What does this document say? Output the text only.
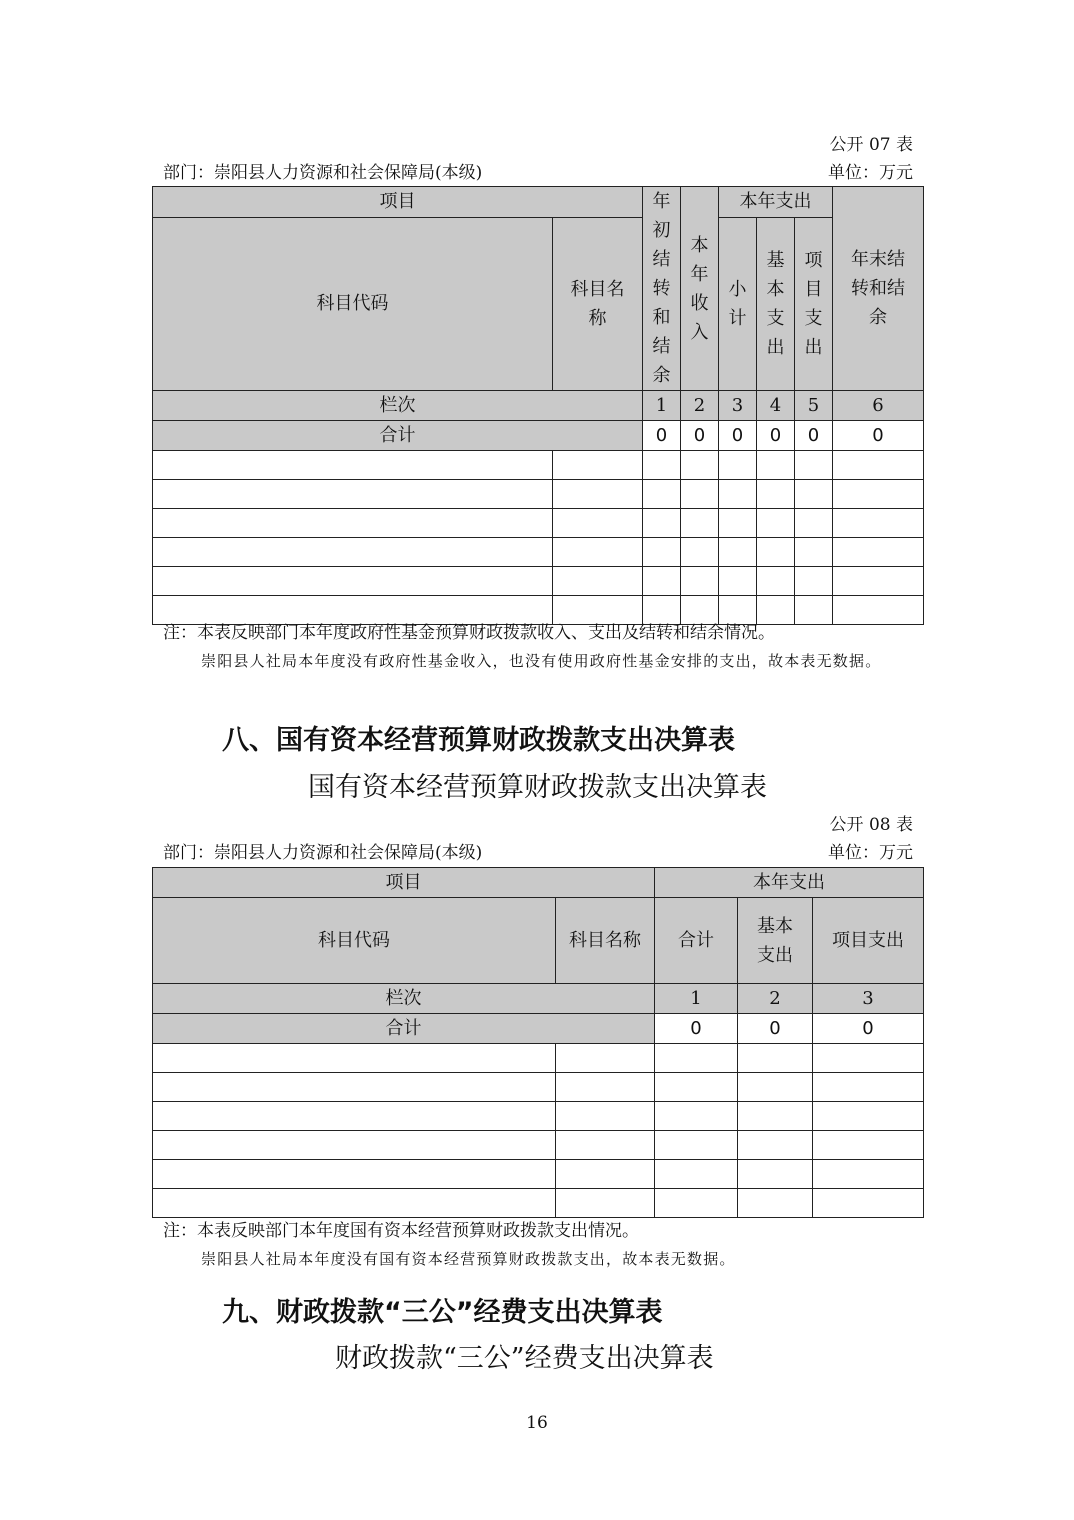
公开 07 表
部门：崇阳县人力资源和社会保障局(本级)	单位：万元
项目		年初结转和结余	本年收入	本年支出			年末结转和结余
科目代码	科目名称			小计	基本支出	项目支出	
栏次		1	2	3	4	5	6
合计		0	0	0	0	0	0

注：本表反映部门本年度政府性基金预算财政拨款收入、支出及结转和结余情况。
崇阳县人社局本年度没有政府性基金收入，也没有使用政府性基金安排的支出，故本表无数据。
八、国有资本经营预算财政拨款支出决算表
国有资本经营预算财政拨款支出决算表
公开 08 表
部门：崇阳县人力资源和社会保障局(本级)	单位：万元
项目		本年支出		
科目代码	科目名称	合计	基本支出	项目支出
栏次		1	2	3
合计		0	0	0

注：本表反映部门本年度国有资本经营预算财政拨款支出情况。
崇阳县人社局本年度没有国有资本经营预算财政拨款支出，故本表无数据。
九、财政拨款“三公”经费支出决算表
财政拨款“三公”经费支出决算表
16
